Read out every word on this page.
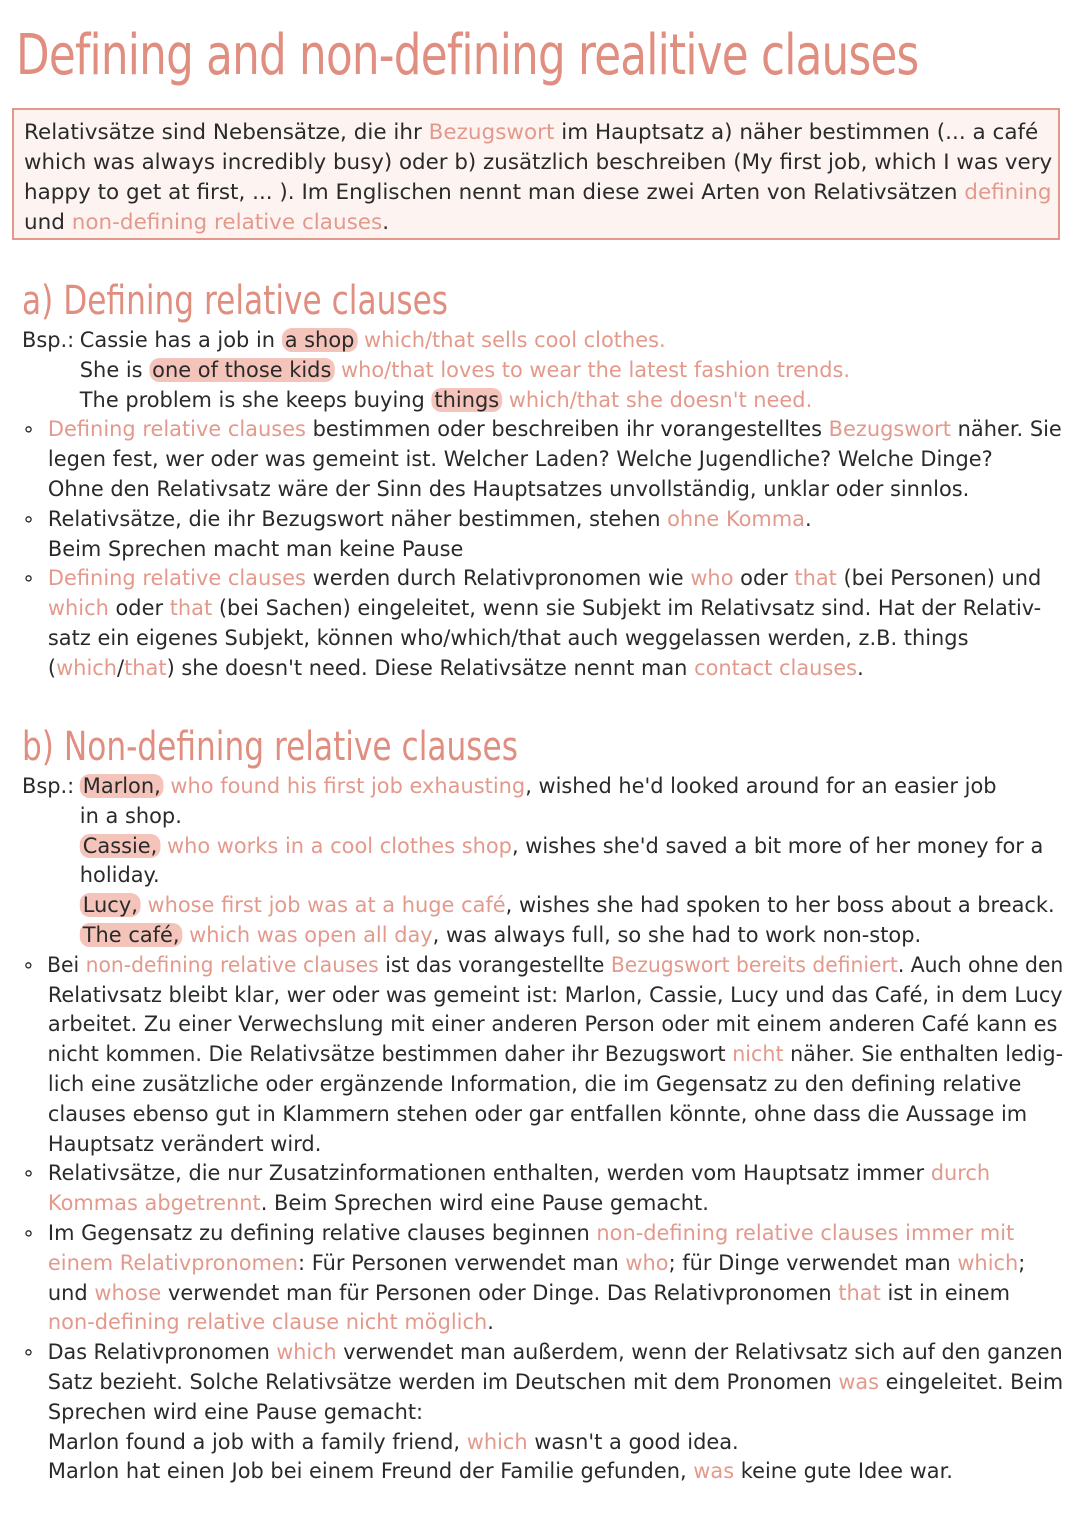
Defining and non-defining realitive clauses
Relativsätze sind Nebensätze, die ihr Bezugswort im Hauptsatz a) näher bestimmen (... a café
which was always incredibly busy) oder b) zusätzlich beschreiben (My first job, which I was very
happy to get at first, ... ). Im Englischen nennt man diese zwei Arten von Relativsätzen defining
und non-defining relative clauses.
a) Defining relative clauses
Bsp.: Cassie has a job in a shop which/that sells cool clothes.
She is one of those kids who/that loves to wear the latest fashion trends.
The problem is she keeps buying things which/that she doesn't need.
∘ Defining relative clauses bestimmen oder beschreiben ihr vorangestelltes Bezugswort näher. Sie
legen fest, wer oder was gemeint ist. Welcher Laden? Welche Jugendliche? Welche Dinge?
Ohne den Relativsatz wäre der Sinn des Hauptsatzes unvollständig, unklar oder sinnlos.
∘ Relativsätze, die ihr Bezugswort näher bestimmen, stehen ohne Komma.
Beim Sprechen macht man keine Pause
∘ Defining relative clauses werden durch Relativpronomen wie who oder that (bei Personen) und
which oder that (bei Sachen) eingeleitet, wenn sie Subjekt im Relativsatz sind. Hat der Relativ-
satz ein eigenes Subjekt, können who/which/that auch weggelassen werden, z.B. things
(which/that) she doesn't need. Diese Relativsätze nennt man contact clauses.
b) Non-defining relative clauses
Bsp.: Marlon, who found his first job exhausting, wished he'd looked around for an easier job
in a shop.
Cassie, who works in a cool clothes shop, wishes she'd saved a bit more of her money for a
holiday.
Lucy, whose first job was at a huge café, wishes she had spoken to her boss about a breack.
The café, which was open all day, was always full, so she had to work non-stop.
∘ Bei non-defining relative clauses ist das vorangestellte Bezugswort bereits definiert. Auch ohne den
Relativsatz bleibt klar, wer oder was gemeint ist: Marlon, Cassie, Lucy und das Café, in dem Lucy
arbeitet. Zu einer Verwechslung mit einer anderen Person oder mit einem anderen Café kann es
nicht kommen. Die Relativsätze bestimmen daher ihr Bezugswort nicht näher. Sie enthalten ledig-
lich eine zusätzliche oder ergänzende Information, die im Gegensatz zu den defining relative
clauses ebenso gut in Klammern stehen oder gar entfallen könnte, ohne dass die Aussage im
Hauptsatz verändert wird.
∘ Relativsätze, die nur Zusatzinformationen enthalten, werden vom Hauptsatz immer durch
Kommas abgetrennt. Beim Sprechen wird eine Pause gemacht.
∘ Im Gegensatz zu defining relative clauses beginnen non-defining relative clauses immer mit
einem Relativpronomen: Für Personen verwendet man who; für Dinge verwendet man which;
und whose verwendet man für Personen oder Dinge. Das Relativpronomen that ist in einem
non-defining relative clause nicht möglich.
∘ Das Relativpronomen which verwendet man außerdem, wenn der Relativsatz sich auf den ganzen
Satz bezieht. Solche Relativsätze werden im Deutschen mit dem Pronomen was eingeleitet. Beim
Sprechen wird eine Pause gemacht:
Marlon found a job with a family friend, which wasn't a good idea.
Marlon hat einen Job bei einem Freund der Familie gefunden, was keine gute Idee war.
